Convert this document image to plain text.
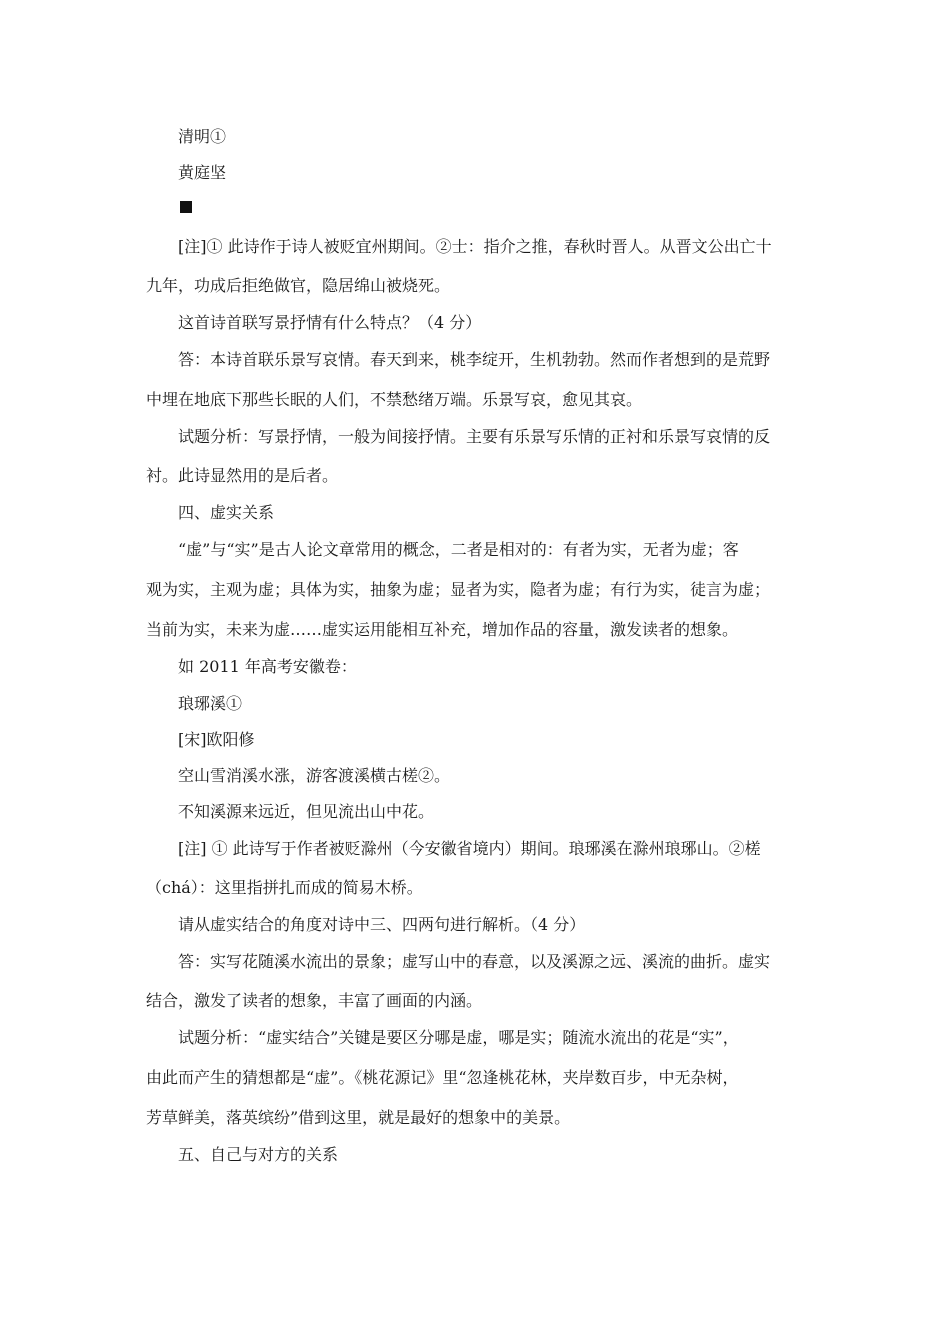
清明①
黄庭坚
[注]① 此诗作于诗人被贬宜州期间。②士：指介之推，春秋时晋人。从晋文公出亡十
九年，功成后拒绝做官，隐居绵山被烧死。
这首诗首联写景抒情有什么特点？（4 分）
答：本诗首联乐景写哀情。春天到来，桃李绽开，生机勃勃。然而作者想到的是荒野
中埋在地底下那些长眠的人们，不禁愁绪万端。乐景写哀，愈见其哀。
试题分析：写景抒情，一般为间接抒情。主要有乐景写乐情的正衬和乐景写哀情的反
衬。此诗显然用的是后者。
四、虚实关系
“虚”与“实”是古人论文章常用的概念，二者是相对的：有者为实，无者为虚；客
观为实，主观为虚；具体为实，抽象为虚；显者为实，隐者为虚；有行为实，徒言为虚；
当前为实，未来为虚……虚实运用能相互补充，增加作品的容量，激发读者的想象。
如 2011 年高考安徽卷：
琅琊溪①
[宋]欧阳修
空山雪消溪水涨，游客渡溪横古槎②。
不知溪源来远近，但见流出山中花。
[注] ① 此诗写于作者被贬滁州（今安徽省境内）期间。琅琊溪在滁州琅琊山。②槎
（chá）：这里指拼扎而成的简易木桥。
请从虚实结合的角度对诗中三、四两句进行解析。（4 分）
答：实写花随溪水流出的景象；虚写山中的春意，以及溪源之远、溪流的曲折。虚实
结合，激发了读者的想象，丰富了画面的内涵。
试题分析：“虚实结合”关键是要区分哪是虚，哪是实；随流水流出的花是“实”，
由此而产生的猜想都是“虚”。《桃花源记》里“忽逢桃花林，夹岸数百步，中无杂树，
芳草鲜美，落英缤纷”借到这里，就是最好的想象中的美景。
五、自己与对方的关系
